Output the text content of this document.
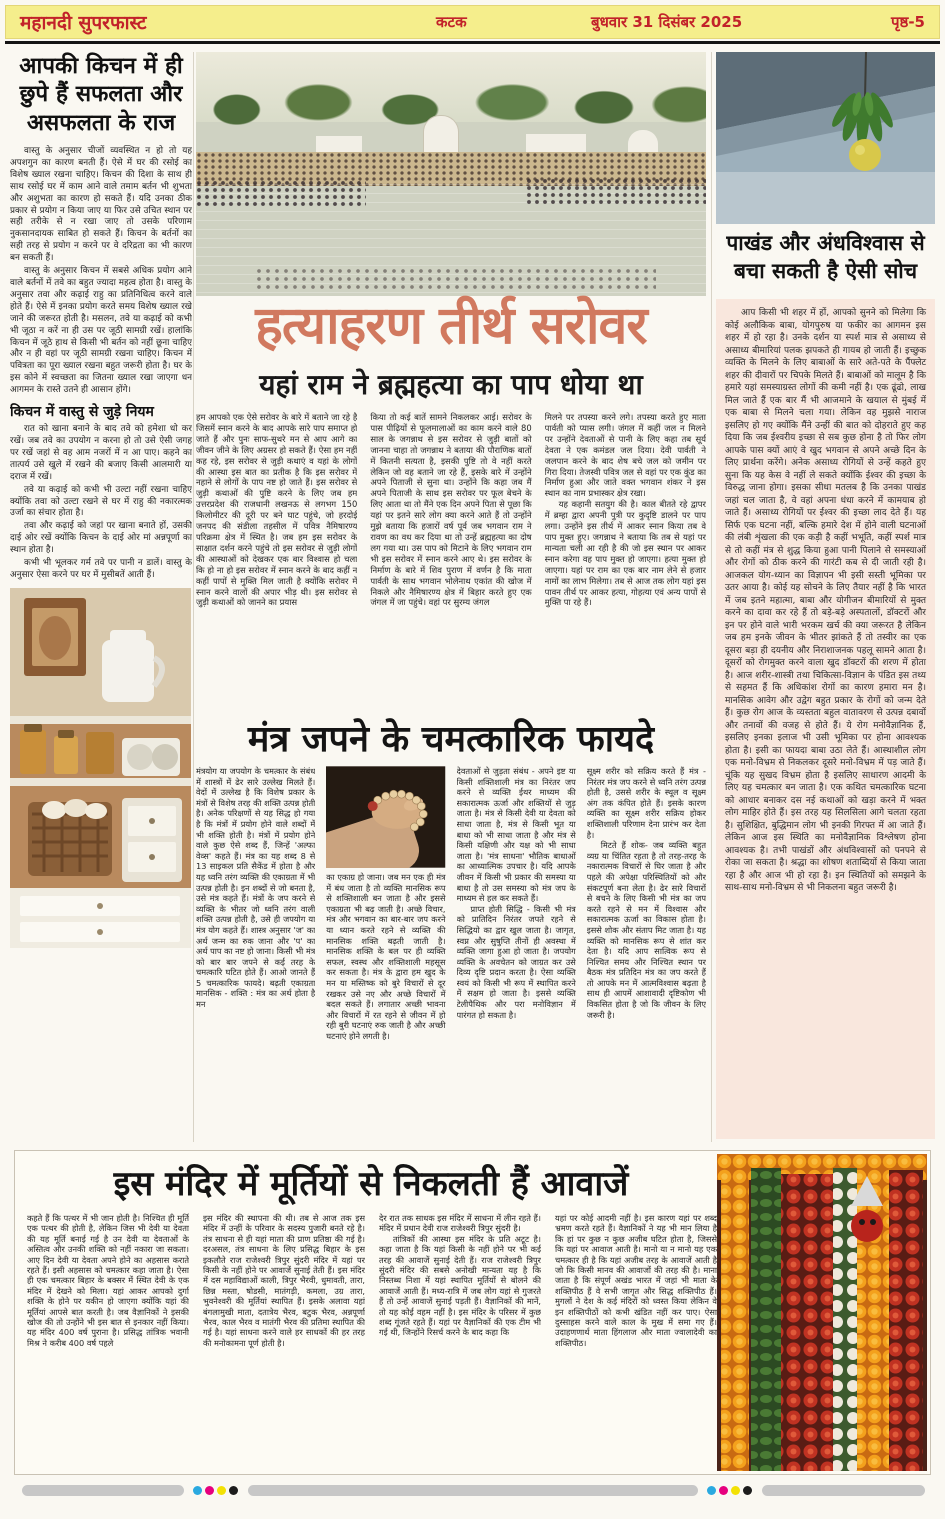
महानदी सुपरफास्ट	कटक	बुधवार 31 दिसंबर 2025	पृष्ठ-5
आपकी किचन में ही छुपे हैं सफलता और असफलता के राज

वास्तु के अनुसार चीजों व्यवस्थित न हो तो यह अपशगुन का कारण बनती हैं। ऐसे में घर की रसोई का विशेष ख्याल रखना चाहिए। किचन की दिशा के साथ ही साथ रसोई घर में काम आने वाले तमाम बर्तन भी शुभता और अशुभता का कारण हो सकते हैं। यदि उनका ठीक प्रकार से प्रयोग न किया जाए या फिर उसे उचित स्थान पर सही तरीके से न रखा जाए तो उसके परिणाम नुकसानदायक साबित हो सकते हैं। किचन के बर्तनों का सही तरह से प्रयोग न करने पर वे दरिद्रता का भी कारण बन सकती हैं।

वास्तु के अनुसार किचन में सबसे अधिक प्रयोग आने वाले बर्तनों में तवे का बहुत ज्यादा महत्व होता है। वास्तु के अनुसार तवा और कढ़ाई राहु का प्रतिनिधित्व करने वाले होते हैं। ऐसे में इनका प्रयोग करते समय विशेष ख्याल रखे जाने की जरूरत होती है। मसलन, तवे या कढ़ाई को कभी भी जूठा न करें ना ही उस पर जूठी सामग्री रखें। हालांकि किचन में जूठे हाथ से किसी भी बर्तन को नहीं छूना चाहिए और न ही वहां पर जूठी सामग्री रखना चाहिए। किचन में पवित्रता का पूरा ख्याल रखना बहुत जरूरी होता है। घर के इस कोने में स्वच्छता का जितना ख्याल रखा जाएगा धन आगमन के रास्ते उतने ही आसान होंगे।

किचन में वास्तु से जुड़े नियम

रात को खाना बनाने के बाद तवे को हमेशा धो कर रखें। जब तवे का उपयोग न करना हो तो उसे ऐसी जगह पर रखें जहां से वह आम नजरों में न आ पाए। कहने का तात्पर्य उसे खुले में रखने की बजाए किसी आलमारी या दराज में रखें।

तवे या कढ़ाई को कभी भी उल्टा नहीं रखना चाहिए क्योंकि तवा को उल्टा रखने से घर में राहु की नकारत्मक उर्जा का संचार होता है।

तवा और कढ़ाई को जहां पर खाना बनाते हों, उसकी दाई ओर रखें क्योंकि किचन के दाई ओर मां अन्नपूर्णा का स्थान होता है।

कभी भी भूलकर गर्म तवे पर पानी न डालें। वास्तु के अनुसार ऐसा करने पर घर में मुसीबतें आती हैं।

हत्याहरण तीर्थ सरोवर
यहां राम ने ब्रह्महत्या का पाप धोया था

हम आपको एक ऐसे सरोवर के बारे में बताने जा रहे है जिसमें स्नान करने के बाद आपके सारे पाप समाप्त हो जाते हैं और पुनः साफ-सुथरे मन से आप आगे का जीवन जीने के लिए अग्रसर हो सकते हैं। ऐसा हम नहीं कह रहे, इस सरोवर से जुड़ी कथाएं व यहां के लोगों की आस्था इस बात का प्रतीक है कि इस सरोवर में नहाने से लोगों के पाप नष्ट हो जाते हैं। इस सरोवर से जुड़ी कथाओं की पुष्टि करने के लिए जब हम उत्तरप्रदेश की राजधानी लखनऊ से लगभग 150 किलोमीटर की दूरी पर बने घाट पहुंचे, जो हरदोई जनपद की संडीला तहसील में पवित्र नैमिषारण्य परिक्रमा क्षेत्र में स्थित है। जब हम इस सरोवर के साक्षात दर्शन करने पहुंचे तो इस सरोवर से जुड़ी लोगों की आस्थाओं को देखकर एक बार विश्वास हो चला कि हो ना हो इस सरोवर में स्नान करने के बाद कहीं न कहीं पापों से मुक्ति मिल जाती है क्योंकि सरोवर में स्नान करने वालों की अपार भीड़ थी। इस सरोवर से जुड़ी कथाओं को जानने का प्रयास

किया तो कई बातें सामने निकलकर आई। सरोवर के पास पीढ़ियों से फूलमालाओं का काम करने वाले 80 साल के जगन्नाथ से इस सरोवर से जुड़ी बातों को जानना चाहा तो जगन्नाथ ने बताया की पौराणिक बातों में कितनी सत्यता है, इसकी पुष्टि तो वे नहीं करते लेकिन जो वह बताने जा रहे हैं, इसके बारे में उन्होंने अपने पिताजी से सुना था। उन्होंने कि कहा जब मैं अपने पिताजी के साथ इस सरोवर पर फूल बेचने के लिए आता था तो मैंने एक दिन अपने पिता से पूछा कि यहां पर इतने सारे लोग क्या करने आते हैं तो उन्होंने मुझे बताया कि हजारों वर्ष पूर्व जब भगवान राम ने रावण का वध कर दिया था तो उन्हें ब्रह्महत्या का दोष लग गया था। उस पाप को मिटाने के लिए भगवान राम भी इस सरोवर में स्नान करने आए थे। इस सरोवर के निर्माण के बारे में शिव पुराण में वर्णन है कि माता पार्वती के साथ भगवान भोलेनाथ एकांत की खोज में निकले और नैमिषारण्य क्षेत्र में बिहार करते हुए एक जंगल में जा पहुंचे। वहां पर सुरम्य जंगल

मिलने पर तपस्या करने लगे। तपस्या करते हुए माता पार्वती को प्यास लगी। जंगल में कहीं जल न मिलने पर उन्होंने देवताओं से पानी के लिए कहा तब सूर्य देवता ने एक कमंडल जल दिया। देवी पार्वती ने जलपान करने के बाद शेष बचे जल को जमीन पर गिरा दिया। तेजस्वी पवित्र जल से वहां पर एक कुंड का निर्माण हुआ और जाते वक्त भगवान शंकर ने इस स्थान का नाम प्रभास्कर क्षेत्र रखा।

यह कहानी सतयुग की है। काल बीतते रहे द्वापर में ब्रम्हा द्वारा अपनी पुत्री पर कुदृष्टि डालने पर पाप लगा। उन्होंने इस तीर्थ में आकर स्नान किया तब वे पाप मुक्त हुए। जगन्नाथ ने बताया कि तब से यहां पर मान्यता चली आ रही है की जो इस स्थान पर आकर स्नान करेगा वह पाप मुक्त हो जाएगा। हत्या मुक्त हो जाएगा। यहां पर राम का एक बार नाम लेने से हजार नामों का लाभ मिलेगा। तब से आज तक लोग यहां इस पावन तीर्थ पर आकर हत्या, गोहत्या एवं अन्य पापों से मुक्ति पा रहे हैं।

मंत्र जपने के चमत्कारिक फायदे

मंत्रयोग या जपयोग के चमत्कार के संबंध में शास्त्रों में ढेर सारे उल्लेख मिलते हैं। वेदों में उल्लेख है कि विशेष प्रकार के मंत्रों से विशेष तरह की शक्ति उत्पन्न होती है। अनेक परिक्षणों से यह सिद्ध हो गया है कि मंत्रों में प्रयोग होने वाले शब्दों में भी शक्ति होती है। मंत्रों में प्रयोग होने वाले कुछ ऐसे शब्द हैं, जिन्हें 'अल्फा वेव्स' कहते हैं। मंत्र का यह शब्द 8 से 13 साइकल प्रति सैकेंड में होता है और यह ध्वनि तरंग व्यक्ति की एकाग्रता में भी उत्पन्न होती है। इन शब्दों से जो बनता है, उसे मंत्र कहते हैं। मंत्रों के जप करने से व्यक्ति के भीतर जो ध्वनि तरंग वाली शक्ति उत्पन्न होती है, उसे ही जपयोग या मंत्र योग कहते हैं। शास्त्र अनुसार 'ज' का अर्थ जन्म का रुक जाना और 'प' का अर्थ पाप का नष्ट हो जाना। किसी भी मंत्र को बार बार जपने से कई तरह के चमत्कारि घटित होते हैं। आओ जानते हैं 5 चमत्कारिक फायदे। बढ़ती एकाग्रता मानसिक - शक्ति : मंत्र का अर्थ होता है मन

का एकाग्र हो जाना। जब मन एक ही मंत्र में बंध जाता है तो व्यक्ति मानसिक रूप से शक्तिशाली बन जाता है और इससे एकाग्रता भी बढ़ जाती है। अच्छे विचार, मंत्र और भगवान का बार-बार जप करने या ध्यान करते रहने से व्यक्ति की मानसिक शक्ति बढ़ती जाती है। मानसिक शक्ति के बल पर ही व्यक्ति सफल, स्वस्थ और शक्तिशाली महसूस कर सकता है। मंत्र के द्वारा हम खुद के मन या मस्तिष्क को बुरे विचारों से दूर रखकर उसे नए और अच्छे विचारों में बदल सकते हैं। लगातार अच्छी भावना और विचारों में रत रहने से जीवन में हो रही बुरी घटनाएं रुक जाती है और अच्छी घटनाएं होने लगती है।

देवताओं से जुड़ता संबंध - अपने इष्ट या किसी शक्तिशाली मंत्र का निरंतर जप करने से व्यक्ति ईथर माध्यम की सकारात्मक ऊर्जा और शक्तियों से जुड़ जाता है। मंत्र से किसी देवी या देवता को साधा जाता है, मंत्र से किसी भूत या बाधा को भी साधा जाता है और मंत्र से किसी यक्षिणी और यक्ष को भी साधा जाता है। 'मंत्र साधना' भौतिक बाधाओं का आध्यात्मिक उपचार है। यदि आपके जीवन में किसी भी प्रकार की समस्या या बाधा है तो उस समस्या को मंत्र जप के माध्यम से हल कर सकते हैं।

प्राप्त होती सिद्धि - किसी भी मंत्र को प्रातिदिन निरंतर जपते रहने से सिद्धियो का द्वार खुल जाता है। जागृत, स्वप्न और सुषुप्ति तीनों ही अवस्था में व्यक्ति जागा हुआ हो जाता है। जपयोग व्यक्ति के अवचेतन को जाग्रत कर उसे दिव्य दृष्टि प्रदान करता है। ऐसा व्यक्ति स्वयं को किसी भी रूप में स्थापित करने में सक्षम हो जाता है। इससे व्यक्ति टेलीपैथिक और परा मनोविज्ञान में पारंगत हो सकता है।

सूक्ष्म शरीर को सक्रिय करते हैं मंत्र - निरंतर मंत्र जप करने से ध्वनि तरंग उत्पन्न होती है, उससे शरीर के स्थूल व सूक्ष्म अंग तक कंपित होते हैं। इसके कारण व्यक्ति का सूक्ष्म शरीर सक्रिय होकर शक्तिशाली परिणाम देना प्रारंभ कर देता है।

मिटते हैं शोक- जब व्यक्ति बहुत व्यग्र या चिंतित रहता है तो तरह-तरह के नकारात्मक विचारों से घिर जाता है और पहले की अपेक्षा परिस्थितियों को और संकटपूर्ण बना लेता है। ढेर सारे विचारों से बचने के लिए किसी भी मंत्र का जप करते रहने से मन में विश्वास और सकारात्मक ऊर्जा का विकास होता है। इससे शोक और संताप मिट जाता है। यह व्यक्ति को मानसिक रूप से शांत कर देता है। यदि आप सात्विक रूप से निश्चित समय और निश्चित स्थान पर बैठक मंत्र प्रतिदिन मंत्र का जप करते हैं तो आपके मन में आत्मविश्वास बढ़ता है साथ ही आपमें आशावादी दृष्टिकोण भी विकसित होता है जो कि जीवन के लिए जरूरी है।

पाखंड और अंधविश्वास से बचा सकती है ऐसी सोच

आप किसी भी शहर में हों, आपको सुनने को मिलेगा कि कोई अलौकिक बाबा, योगपुरुष या फकीर का आगमन इस शहर में हो रहा है। उनके दर्शन या स्पर्श मात्र से असाध्य से असाध्य बीमारियां पलक झपकते ही गायब हो जाती हैं। इच्छुक व्यक्ति के मिलने के लिए बाबाओं के सारे अते-पते के पैंफ्लेट शहर की दीवारों पर चिपके मिलते हैं। बाबाओं को मालूम है कि हमारे यहां समस्याग्रस्त लोगों की कमी नहीं है। एक ढूंढो, लाख मिल जाते हैं एक बार मैं भी आजमाने के खयाल से मुंबई में एक बाबा से मिलने चला गया। लेकिन वह मुझसे नाराज इसलिए हो गए क्योंकि मैंने उन्हीं की बात को दोहराते हुए कह दिया कि जब ईश्वरीय इच्छा से सब कुछ होना है तो फिर लोग आपके पास क्यों आएं वे खुद भगवान से अपने अच्छे दिन के लिए प्रार्थना करेंगे। अनेक असाध्य रोगियों से उन्हें कहते हुए सुना कि यह केस वे नहीं ले सकते क्योंकि ईश्वर की इच्छा के विरुद्ध जाना होगा। इसका सीधा मतलब है कि उनका पाखंड जहां चल जाता है, वे वहां अपना धंधा करने में कामयाब हो जाते हैं। असाध्य रोगियों पर ईश्वर की इच्छा लाद देते हैं। यह सिर्फ एक घटना नहीं, बल्कि हमारे देश में होने वाली घटनाओं की लंबी शृंखला की एक कड़ी है कहीं भभूति, कहीं स्पर्श मात्र से तो कहीं मंत्र से शुद्ध किया हुआ पानी पिलाने से समस्याओं और रोगों को ठीक करने की गारंटी कब से दी जाती रही है। आजकल योग-ध्यान का विज्ञापन भी इसी सस्ती भूमिका पर उतर आया है। कोई यह सोचने के लिए तैयार नहीं है कि भारत में जब इतने महात्मा, बाबा और योगीजन बीमारियों से मुक्त करने का दावा कर रहे हैं तो बड़े-बड़े अस्पतालों, डॉक्टरों और इन पर होने वाले भारी भरकम खर्च की क्या जरूरत है लेकिन जब हम इनके जीवन के भीतर झांकते हैं तो तस्वीर का एक दूसरा बड़ा ही दयनीय और निराशाजनक पहलू सामने आता है। दूसरों को रोगमुक्त करने वाला खुद डॉक्टरों की शरण में होता है। आज शरीर-शास्त्री तथा चिकित्सा-विज्ञान के पंडित इस तथ्य से सहमत हैं कि अधिकांश रोगों का कारण हमारा मन है। मानसिक आवेग और उद्वेग बहुत प्रकार के रोगों को जन्म देते हैं। कुछ रोग आज के व्यस्तता बहुल वातावरण से उत्पन्न दबावों और तनावों की वजह से होते हैं। ये रोग मनोवैज्ञानिक हैं, इसलिए इनका इलाज भी उसी भूमिका पर होना आवश्यक होता है। इसी का फायदा बाबा उठा लेते हैं। आस्थाशील लोग एक मनो-विभ्रम से निकलकर दूसरे मनो-विभ्रम में पड़ जाते हैं। चूंकि यह सुखद विभ्रम होता है इसलिए साधारण आदमी के लिए यह चमत्कार बन जाता है। एक कथित चमत्कारिक घटना को आधार बनाकर दस नई कथाओं को खड़ा करने में भक्त लोग माहिर होते हैं। इस तरह यह सिलसिला आगे चलता रहता है। सुशिक्षित, बुद्धिमान लोग भी इनकी गिरफ्त में आ जाते हैं। लेकिन आज इस स्थिति का मनोवैज्ञानिक विश्लेषण होना आवश्यक है। तभी पाखंडों और अंधविश्वासों को पनपने से रोका जा सकता है। श्रद्धा का शोषण शताब्दियों से किया जाता रहा है और आज भी हो रहा है। इन स्थितियों को समझने के साथ-साथ मनो-विभ्रम से भी निकलना बहुत जरूरी है।

इस मंदिर में मूर्तियों से निकलती हैं आवाजें

कहते हैं कि पत्थर में भी जान होती है। निश्चित ही मूर्ति एक पत्थर की होती है, लेकिन जिस भी देवी या देवता की यह मूर्ति बनाई गई है उन देवी या देवताओं के अस्तित्व और उनकी शक्ति को नहीं नकारा जा सकता। आए दिन देवी या देवता अपने होने का अहसास कराते रहते हैं। इसी अहसास को चमत्कार कहा जाता है। ऐसा ही एक चमत्कार बिहार के बक्सर में स्थित देवी के एक मंदिर में देखने को मिला। यहां आकर आपको दुर्गा शक्ति के होने पर यकीन हो जाएगा क्योंकि यहां की मूर्तियां आपसे बात करती है। जब वैज्ञानिकों ने इसकी खोज की तो उन्होंने भी इस बात से इनकार नहीं किया। यह मंदिर 400 वर्ष पुराना है। प्रसिद्ध तांत्रिक भवानी मिश्र ने करीब 400 वर्ष पहले

इस मंदिर की स्थापना की थी। तब से आज तक इस मंदिर में उन्हीं के परिवार के सदस्य पुजारी बनते रहे है। तंत्र साधना से ही यहां माता की प्राण प्रतिष्ठा की गई है। दरअसल, तंत्र साधना के लिए प्रसिद्ध बिहार के इस इकलौते राज राजेश्वरी त्रिपुर सुंदरी मंदिर में यहां पर किसी के नहीं होने पर आवाजें सुनाई तेती हैं। इस मंदिर में दस महाविद्याओं काली, त्रिपुर भैरवी, धुमावती, तारा, छिन्न मस्ता, षोडसी, मातंगड़ी, कमला, उग्र तारा, भुवनेश्वरी की मूर्तियां स्थापित हैं। इसके अलावा यहां बंगलामुखी माता, दतात्रेय भैरव, बटुक भैरव, अन्नपूर्णा भैरव, काल भैरव व मातंगी भैरव की प्रतिमा स्थापित की गई है। यहां साधना करने वाले हर साधकों की हर तरह की मनोकामना पूर्ण होती है।

देर रात तक साधक इस मंदिर में साधना में लीन रहते हैं। मंदिर में प्रधान देवी राज राजेश्वरी त्रिपुर सुंदरी है।

तांत्रिकों की आस्था इस मंदिर के प्रति अटूट है। कहा जाता है कि यहां किसी के नहीं होने पर भी कई तरह की आवाजें सुनाई देती हैं। राज राजेश्वरी त्रिपुर सुंदरी मंदिर की सबसे अनोखी मान्यता यह है कि निस्तब्ध निशा में यहां स्थापित मूर्तियों से बोलने की आवाजें आती हैं। मध्य-रात्रि में जब लोग यहां से गुजरते हैं तो उन्हें आवाजें सुनाई पड़ती हैं। वैज्ञानिकों की मानें, तो यह कोई वहम नहीं है। इस मंदिर के परिसर में कुछ शब्द गूंजते रहते हैं। यहां पर वैज्ञानिकों की एक टीम भी गई थी, जिन्होंने रिसर्च करने के बाद कहा कि

यहां पर कोई आदमी नहीं है। इस कारण यहां पर शब्द भ्रमण करते रहते हैं। वैज्ञानिकों ने यह भी मान लिया है कि हां पर कुछ न कुछ अजीब घटित होता है, जिससे कि यहां पर आवाज आती है। मानो या न मानो यह एक चमत्कार ही है कि यहां अजीब तरह के आवाजें आती है जो कि किसी मानव की आवाजों की तरह की है। माना जाता है कि संपूर्ण अखंड भारत में जहां भी माता के शक्तिपीठ हैं वे सभी जागृत और सिद्ध शक्तिपीठ हैं। मुगलों ने देश के कई मंदिरों को ध्वस्त किया लेकिन वे इन शक्तिपीठों को कभी खंडित नहीं कर पाए। ऐसा दुस्साहस करने वाले काल के मुख में समा गए हैं। उदाहणणार्थ माता हिंगलाज और माता ज्वालादेवी का शक्तिपीठ।
